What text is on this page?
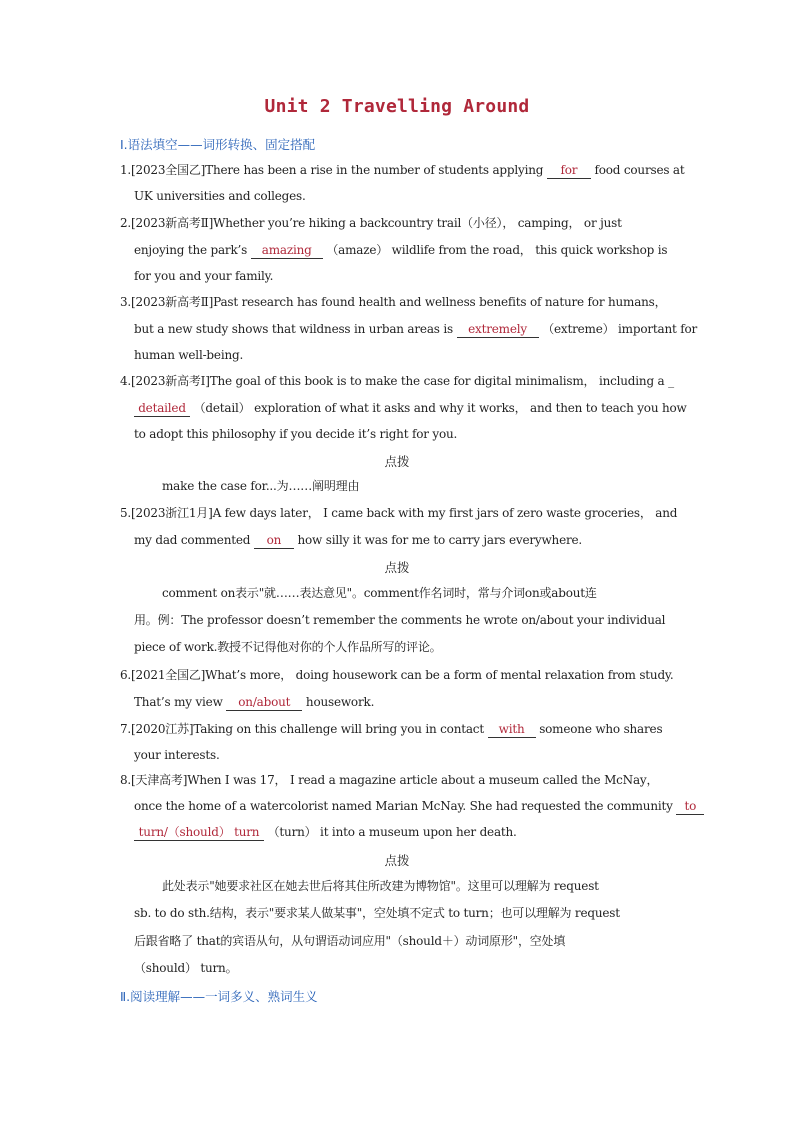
Unit 2 Travelling Around
Ⅰ.语法填空——词形转换、固定搭配
1.[2023全国乙]There has been a rise in the number of students applying for food courses at
UK universities and colleges.
2.[2023新高考Ⅱ]Whether you’re hiking a backcountry trail（小径）， camping， or just
enjoying the park’s amazing （amaze） wildlife from the road， this quick workshop is
for you and your family.
3.[2023新高考Ⅱ]Past research has found health and wellness benefits of nature for humans，
but a new study shows that wildness in urban areas is extremely （extreme） important for
human well-being.
4.[2023新高考Ⅰ]The goal of this book is to make the case for digital minimalism， including a _
detailed （detail） exploration of what it asks and why it works， and then to teach you how
to adopt this philosophy if you decide it’s right for you.
点拨
make the case for...为……阐明理由
5.[2023浙江1月]A few days later， I came back with my first jars of zero waste groceries， and
my dad commented on how silly it was for me to carry jars everywhere.
点拨
comment on表示"就……表达意见"。comment作名词时，常与介词on或about连
用。例：The professor doesn’t remember the comments he wrote on/about your individual
piece of work.教授不记得他对你的个人作品所写的评论。
6.[2021全国乙]What’s more， doing housework can be a form of mental relaxation from study.
That’s my view on/about housework.
7.[2020江苏]Taking on this challenge will bring you in contact with someone who shares
your interests.
8.[天津高考]When I was 17， I read a magazine article about a museum called the McNay，
once the home of a watercolorist named Marian McNay. She had requested the community to
turn/（should） turn （turn） it into a museum upon her death.
点拨
此处表示"她要求社区在她去世后将其住所改建为博物馆"。这里可以理解为 request
sb. to do sth.结构，表示"要求某人做某事"，空处填不定式 to turn；也可以理解为 request
后跟省略了 that的宾语从句，从句谓语动词应用"（should＋）动词原形"，空处填
（should） turn。
Ⅱ.阅读理解——一词多义、熟词生义
